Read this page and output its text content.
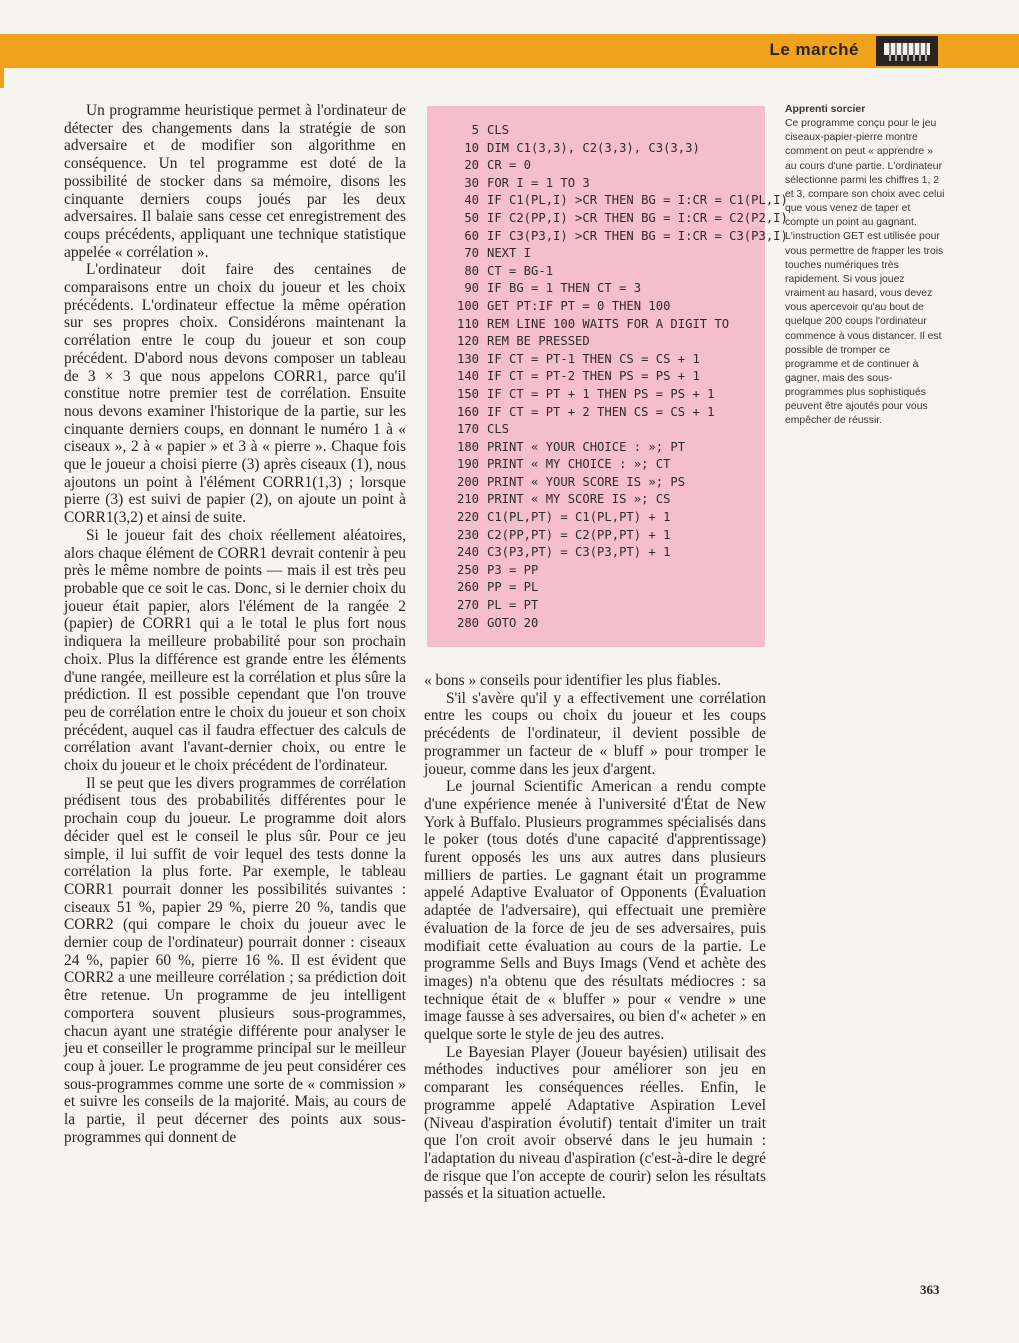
Le marché

Un programme heuristique permet à l'ordinateur de détecter des changements dans la stratégie de son adversaire et de modifier son algorithme en conséquence. Un tel programme est doté de la possibilité de stocker dans sa mémoire, disons les cinquante derniers coups joués par les deux adversaires. Il balaie sans cesse cet enregistrement des coups précédents, appliquant une technique statistique appelée « corrélation ».

L'ordinateur doit faire des centaines de comparaisons entre un choix du joueur et les choix précédents. L'ordinateur effectue la même opération sur ses propres choix. Considérons maintenant la corrélation entre le coup du joueur et son coup précédent. D'abord nous devons composer un tableau de 3 × 3 que nous appelons CORR1, parce qu'il constitue notre premier test de corrélation. Ensuite nous devons examiner l'historique de la partie, sur les cinquante derniers coups, en donnant le numéro 1 à « ciseaux », 2 à « papier » et 3 à « pierre ». Chaque fois que le joueur a choisi pierre (3) après ciseaux (1), nous ajoutons un point à l'élément CORR1(1,3) ; lorsque pierre (3) est suivi de papier (2), on ajoute un point à CORR1(3,2) et ainsi de suite.

Si le joueur fait des choix réellement aléatoires, alors chaque élément de CORR1 devrait contenir à peu près le même nombre de points — mais il est très peu probable que ce soit le cas. Donc, si le dernier choix du joueur était papier, alors l'élément de la rangée 2 (papier) de CORR1 qui a le total le plus fort nous indiquera la meilleure probabilité pour son prochain choix. Plus la différence est grande entre les éléments d'une rangée, meilleure est la corrélation et plus sûre la prédiction. Il est possible cependant que l'on trouve peu de corrélation entre le choix du joueur et son choix précédent, auquel cas il faudra effectuer des calculs de corrélation avant l'avant-dernier choix, ou entre le choix du joueur et le choix précédent de l'ordinateur.

Il se peut que les divers programmes de corrélation prédisent tous des probabilités différentes pour le prochain coup du joueur. Le programme doit alors décider quel est le conseil le plus sûr. Pour ce jeu simple, il lui suffit de voir lequel des tests donne la corrélation la plus forte. Par exemple, le tableau CORR1 pourrait donner les possibilités suivantes : ciseaux 51 %, papier 29 %, pierre 20 %, tandis que CORR2 (qui compare le choix du joueur avec le dernier coup de l'ordinateur) pourrait donner : ciseaux 24 %, papier 60 %, pierre 16 %. Il est évident que CORR2 a une meilleure corrélation ; sa prédiction doit être retenue. Un programme de jeu intelligent comportera souvent plusieurs sous-programmes, chacun ayant une stratégie différente pour analyser le jeu et conseiller le programme principal sur le meilleur coup à jouer. Le programme de jeu peut considérer ces sous-programmes comme une sorte de « commission » et suivre les conseils de la majorité. Mais, au cours de la partie, il peut décerner des points aux sous-programmes qui donnent de

5 CLS
10 DIM C1(3,3), C2(3,3), C3(3,3)
20 CR = 0
30 FOR I = 1 TO 3
40 IF C1(PL,I) >CR THEN BG = I:CR = C1(PL,I)
50 IF C2(PP,I) >CR THEN BG = I:CR = C2(P2,I)
60 IF C3(P3,I) >CR THEN BG = I:CR = C3(P3,I)
70 NEXT I
80 CT = BG-1
90 IF BG = 1 THEN CT = 3
100 GET PT:IF PT = 0 THEN 100
110 REM LINE 100 WAITS FOR A DIGIT TO
120 REM BE PRESSED
130 IF CT = PT-1 THEN CS = CS + 1
140 IF CT = PT-2 THEN PS = PS + 1
150 IF CT = PT + 1 THEN PS = PS + 1
160 IF CT = PT + 2 THEN CS = CS + 1
170 CLS
180 PRINT « YOUR CHOICE : »; PT
190 PRINT « MY CHOICE : »; CT
200 PRINT « YOUR SCORE IS »; PS
210 PRINT « MY SCORE IS »; CS
220 C1(PL,PT) = C1(PL,PT) + 1
230 C2(PP,PT) = C2(PP,PT) + 1
240 C3(P3,PT) = C3(P3,PT) + 1
250 P3 = PP
260 PP = PL
270 PL = PT
280 GOTO 20

« bons » conseils pour identifier les plus fiables.

S'il s'avère qu'il y a effectivement une corrélation entre les coups ou choix du joueur et les coups précédents de l'ordinateur, il devient possible de programmer un facteur de « bluff » pour tromper le joueur, comme dans les jeux d'argent.

Le journal Scientific American a rendu compte d'une expérience menée à l'université d'État de New York à Buffalo. Plusieurs programmes spécialisés dans le poker (tous dotés d'une capacité d'apprentissage) furent opposés les uns aux autres dans plusieurs milliers de parties. Le gagnant était un programme appelé Adaptive Evaluator of Opponents (Évaluation adaptée de l'adversaire), qui effectuait une première évaluation de la force de jeu de ses adversaires, puis modifiait cette évaluation au cours de la partie. Le programme Sells and Buys Imags (Vend et achète des images) n'a obtenu que des résultats médiocres : sa technique était de « bluffer » pour « vendre » une image fausse à ses adversaires, ou bien d'« acheter » en quelque sorte le style de jeu des autres.

Le Bayesian Player (Joueur bayésien) utilisait des méthodes inductives pour améliorer son jeu en comparant les conséquences réelles. Enfin, le programme appelé Adaptative Aspiration Level (Niveau d'aspiration évolutif) tentait d'imiter un trait que l'on croit avoir observé dans le jeu humain : l'adaptation du niveau d'aspiration (c'est-à-dire le degré de risque que l'on accepte de courir) selon les résultats passés et la situation actuelle.

Apprenti sorcier
Ce programme conçu pour le jeu ciseaux-papier-pierre montre comment on peut « apprendre » au cours d'une partie. L'ordinateur sélectionne parmi les chiffres 1, 2 et 3, compare son choix avec celui que vous venez de taper et compte un point au gagnant. L'instruction GET est utilisée pour vous permettre de frapper les trois touches numériques très rapidement. Si vous jouez vraiment au hasard, vous devez vous apercevoir qu'au bout de quelque 200 coups l'ordinateur commence à vous distancer. Il est possible de tromper ce programme et de continuer à gagner, mais des sous-programmes plus sophistiqués peuvent être ajoutés pour vous empêcher de réussir.
363
